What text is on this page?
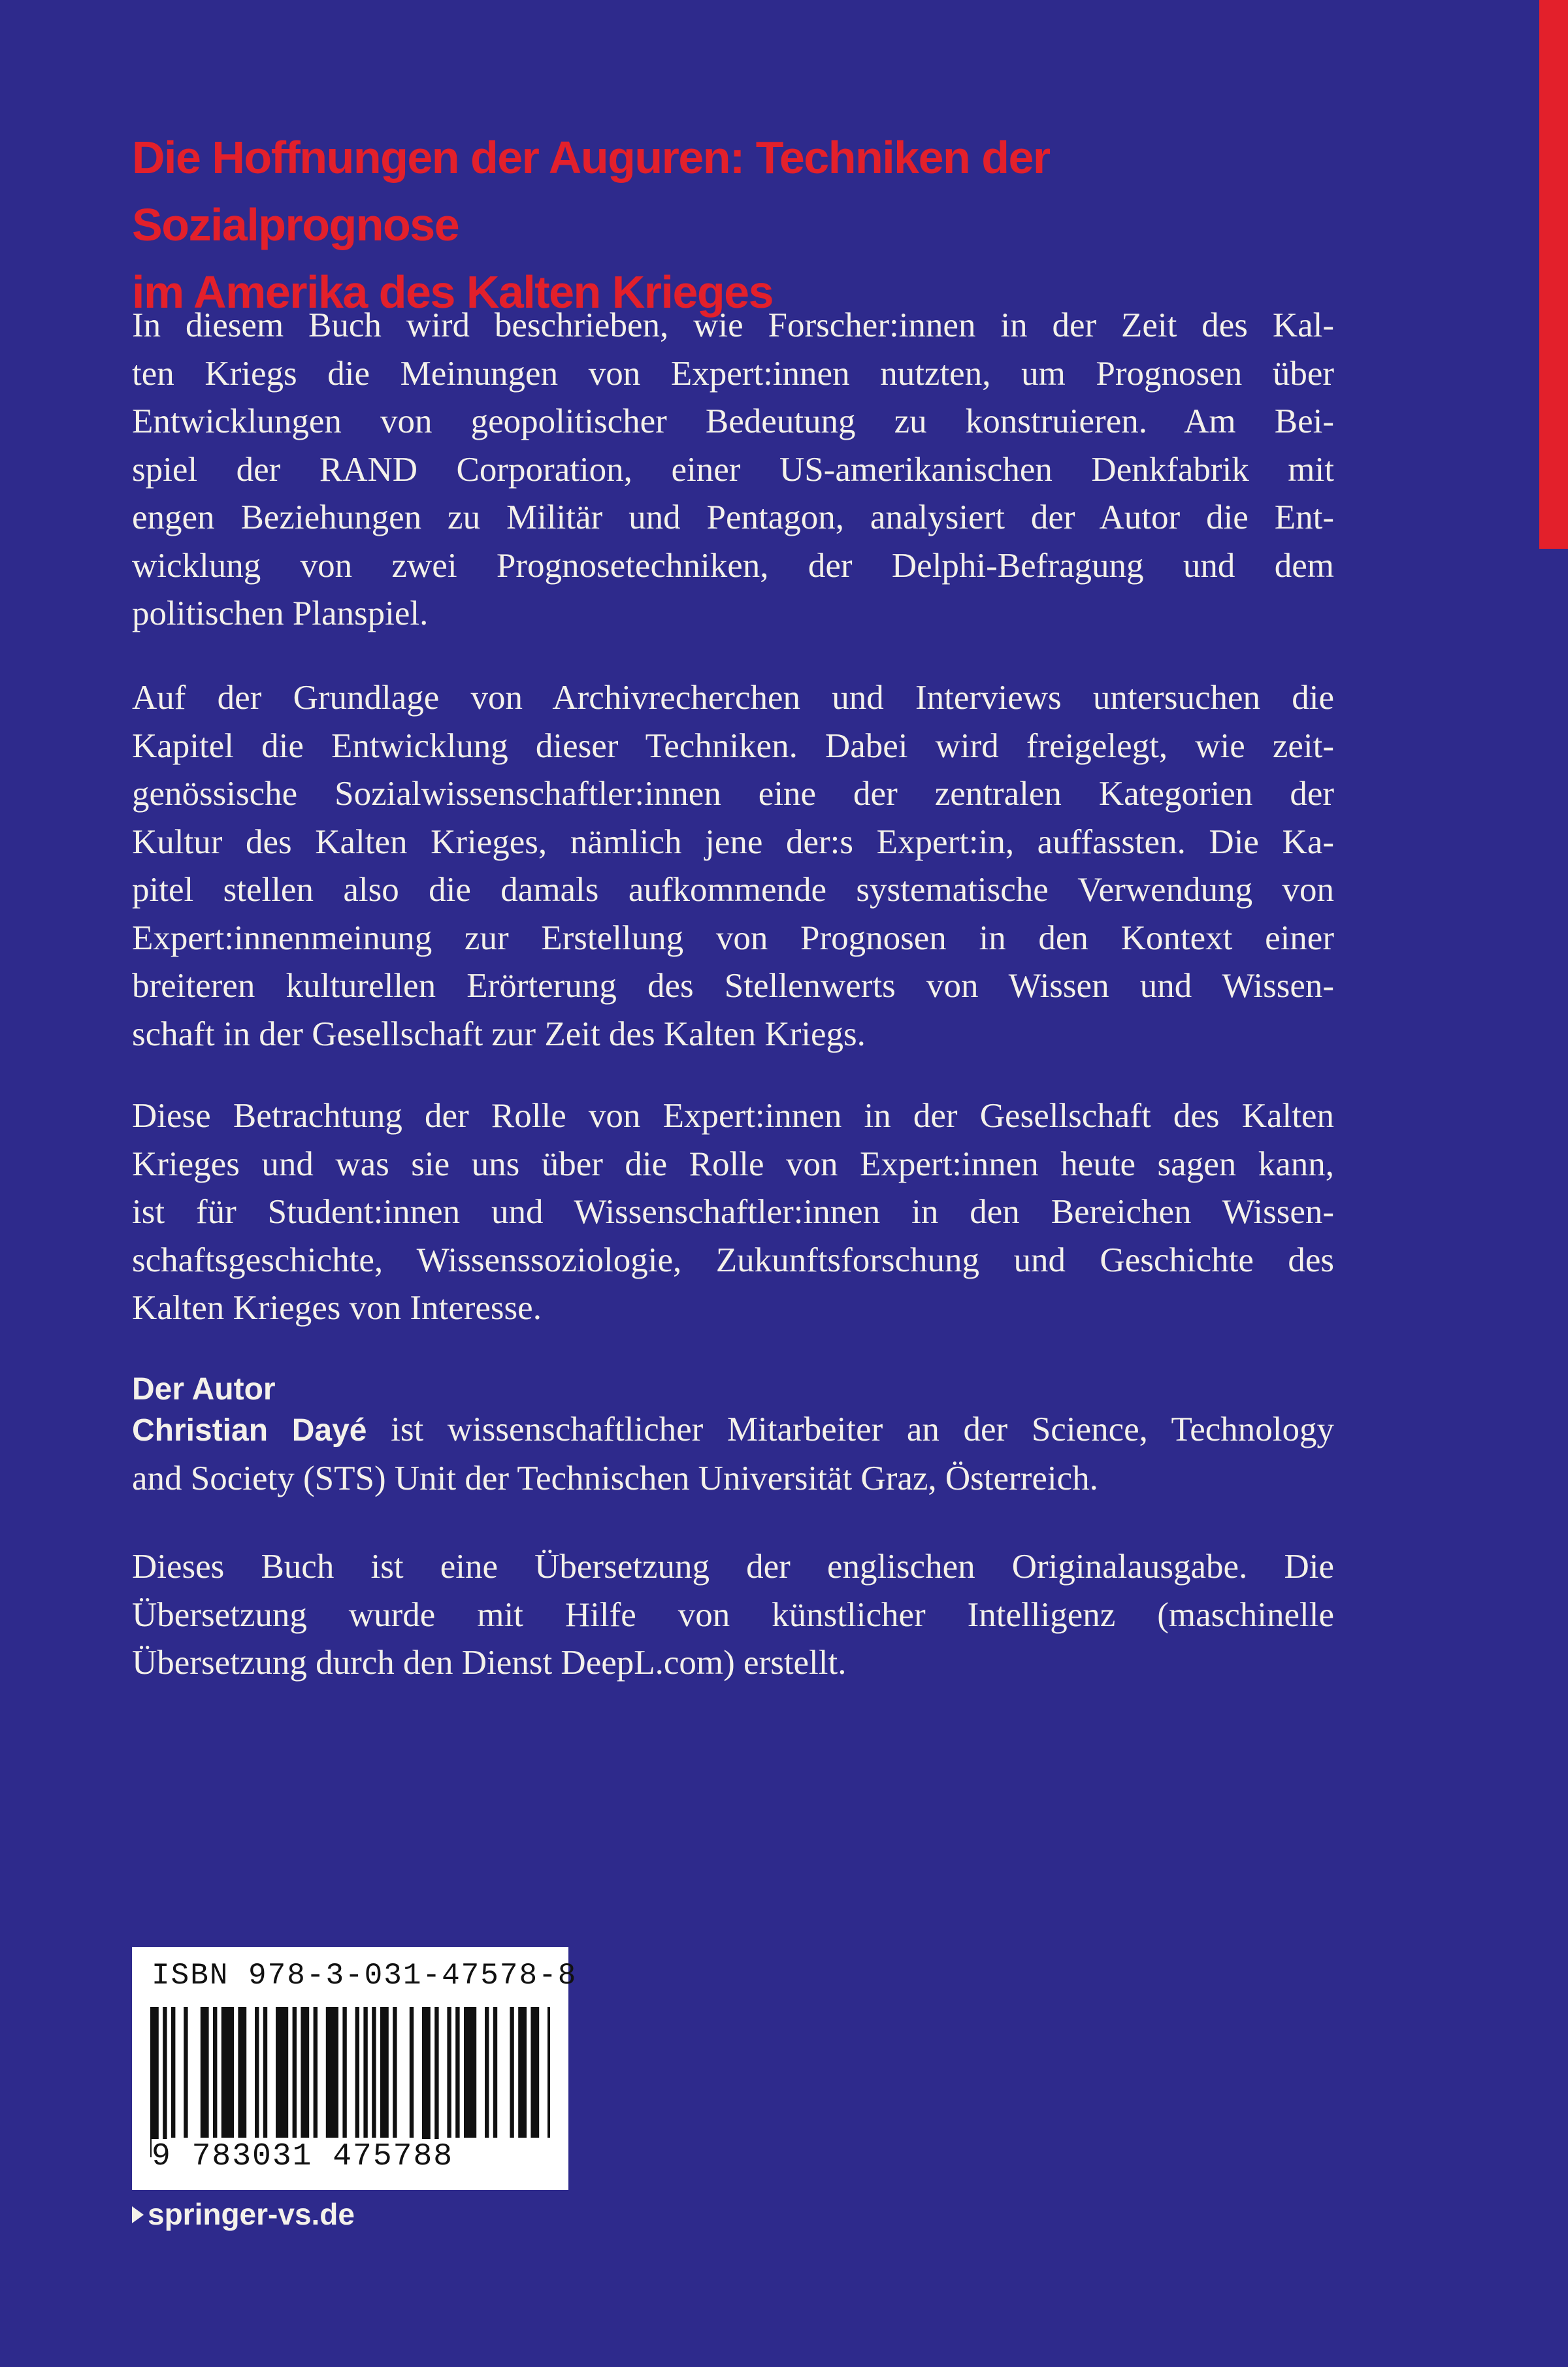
Die Hoffnungen der Auguren: Techniken der Sozialprognose
im Amerika des Kalten Krieges

In diesem Buch wird beschrieben, wie Forscher:innen in der Zeit des Kal-
ten Kriegs die Meinungen von Expert:innen nutzten, um Prognosen über
Entwicklungen von geopolitischer Bedeutung zu konstruieren. Am Bei-
spiel der RAND Corporation, einer US-amerikanischen Denkfabrik mit
engen Beziehungen zu Militär und Pentagon, analysiert der Autor die Ent-
wicklung von zwei Prognosetechniken, der Delphi-Befragung und dem
politischen Planspiel.

Auf der Grundlage von Archivrecherchen und Interviews untersuchen die
Kapitel die Entwicklung dieser Techniken. Dabei wird freigelegt, wie zeit-
genössische Sozialwissenschaftler:innen eine der zentralen Kategorien der
Kultur des Kalten Krieges, nämlich jene der:s Expert:in, auffassten. Die Ka-
pitel stellen also die damals aufkommende systematische Verwendung von
Expert:innenmeinung zur Erstellung von Prognosen in den Kontext einer
breiteren kulturellen Erörterung des Stellenwerts von Wissen und Wissen-
schaft in der Gesellschaft zur Zeit des Kalten Kriegs.

Diese Betrachtung der Rolle von Expert:innen in der Gesellschaft des Kalten
Krieges und was sie uns über die Rolle von Expert:innen heute sagen kann,
ist für Student:innen und Wissenschaftler:innen in den Bereichen Wissen-
schaftsgeschichte, Wissenssoziologie, Zukunftsforschung und Geschichte des
Kalten Krieges von Interesse.

Der Autor

Christian Dayé ist wissenschaftlicher Mitarbeiter an der Science, Technology
and Society (STS) Unit der Technischen Universität Graz, Österreich.

Dieses Buch ist eine Übersetzung der englischen Originalausgabe. Die
Übersetzung wurde mit Hilfe von künstlicher Intelligenz (maschinelle
Übersetzung durch den Dienst DeepL.com) erstellt.

ISBN 978-3-031-47578-8
9 783031 475788
springer-vs.de
